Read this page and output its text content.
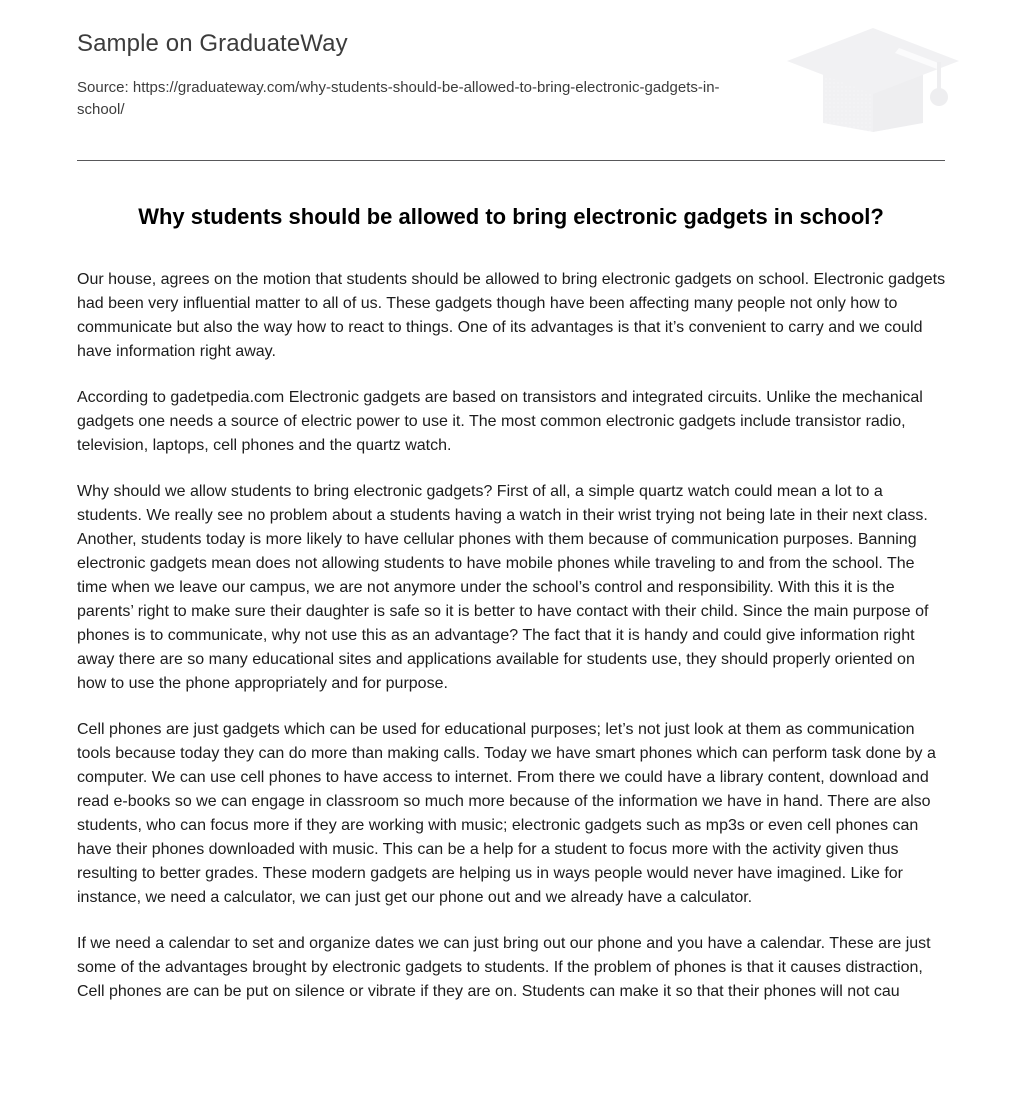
Sample on GraduateWay

Source: https://graduateway.com/why-students-should-be-allowed-to-bring-electronic-gadgets-in-school/

Why students should be allowed to bring electronic gadgets in school?

Our house, agrees on the motion that students should be allowed to bring electronic gadgets on school. Electronic gadgets had been very influential matter to all of us. These gadgets though have been affecting many people not only how to communicate but also the way how to react to things. One of its advantages is that it’s convenient to carry and we could have information right away.

According to gadetpedia.com Electronic gadgets are based on transistors and integrated circuits. Unlike the mechanical gadgets one needs a source of electric power to use it. The most common electronic gadgets include transistor radio, television, laptops, cell phones and the quartz watch.

Why should we allow students to bring electronic gadgets? First of all, a simple quartz watch could mean a lot to a students. We really see no problem about a students having a watch in their wrist trying not being late in their next class. Another, students today is more likely to have cellular phones with them because of communication purposes. Banning electronic gadgets mean does not allowing students to have mobile phones while traveling to and from the school. The time when we leave our campus, we are not anymore under the school’s control and responsibility. With this it is the parents’ right to make sure their daughter is safe so it is better to have contact with their child. Since the main purpose of phones is to communicate, why not use this as an advantage? The fact that it is handy and could give information right away there are so many educational sites and applications available for students use, they should properly oriented on how to use the phone appropriately and for purpose.

Cell phones are just gadgets which can be used for educational purposes; let’s not just look at them as communication tools because today they can do more than making calls. Today we have smart phones which can perform task done by a computer. We can use cell phones to have access to internet. From there we could have a library content, download and read e-books so we can engage in classroom so much more because of the information we have in hand. There are also students, who can focus more if they are working with music; electronic gadgets such as mp3s or even cell phones can have their phones downloaded with music. This can be a help for a student to focus more with the activity given thus resulting to better grades. These modern gadgets are helping us in ways people would never have imagined. Like for instance, we need a calculator, we can just get our phone out and we already have a calculator.

If we need a calendar to set and organize dates we can just bring out our phone and you have a calendar. These are just some of the advantages brought by electronic gadgets to students. If the problem of phones is that it causes distraction, Cell phones are can be put on silence or vibrate if they are on. Students can make it so that their phones will not cau
